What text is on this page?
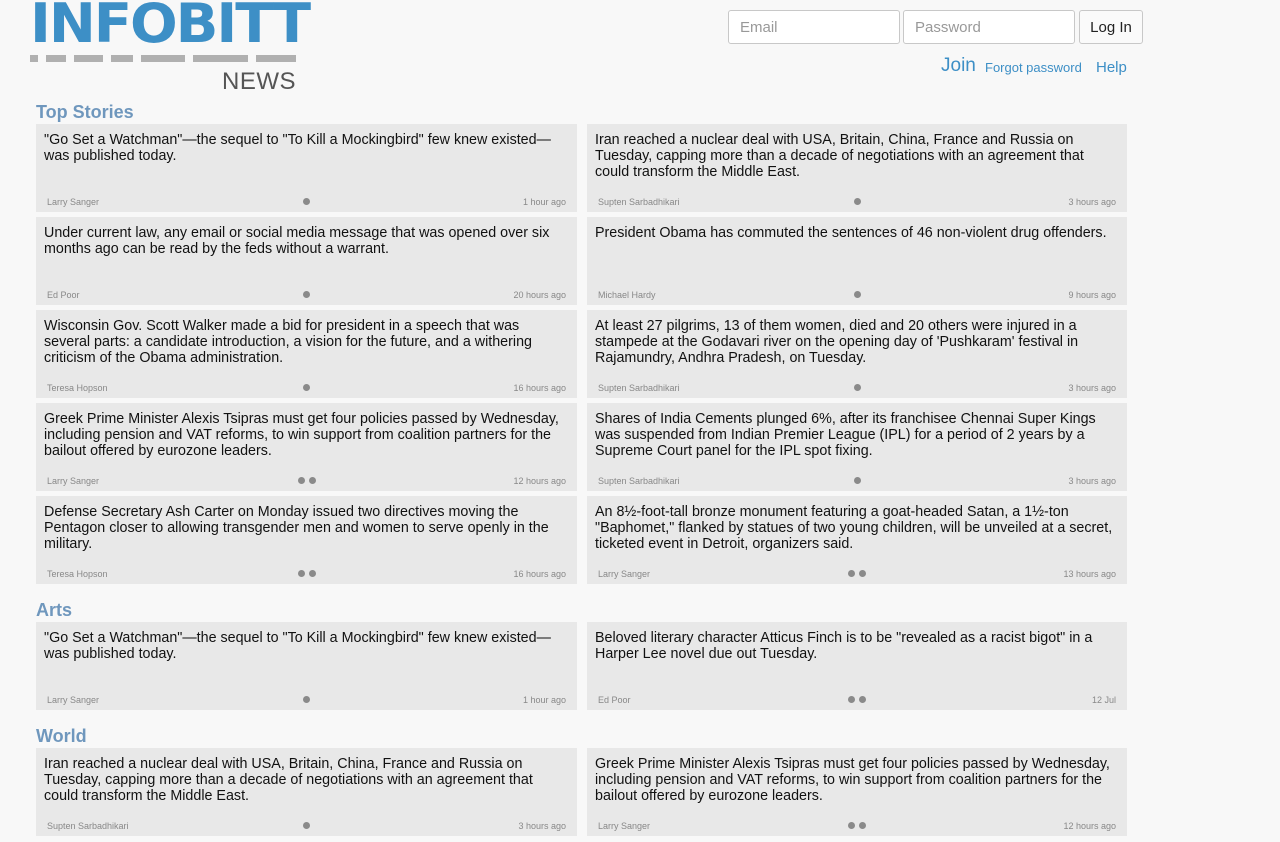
INFOBITT
NEWS
Email
Log In
Join Forgot password Help
Top Stories

"Go Set a Watchman"—the sequel to "To Kill a Mockingbird" few knew existed—was published today.

Larry Sanger	1 hour ago

Iran reached a nuclear deal with USA, Britain, China, France and Russia on Tuesday, capping more than a decade of negotiations with an agreement that could transform the Middle East.

Supten Sarbadhikari	3 hours ago

Under current law, any email or social media message that was opened over six months ago can be read by the feds without a warrant.

Ed Poor	20 hours ago

President Obama has commuted the sentences of 46 non-violent drug offenders.

Michael Hardy	9 hours ago

Wisconsin Gov. Scott Walker made a bid for president in a speech that was several parts: a candidate introduction, a vision for the future, and a withering criticism of the Obama administration.

Teresa Hopson	16 hours ago

At least 27 pilgrims, 13 of them women, died and 20 others were injured in a stampede at the Godavari river on the opening day of 'Pushkaram' festival in Rajamundry, Andhra Pradesh, on Tuesday.

Supten Sarbadhikari	3 hours ago

Greek Prime Minister Alexis Tsipras must get four policies passed by Wednesday, including pension and VAT reforms, to win support from coalition partners for the bailout offered by eurozone leaders.

Larry Sanger	12 hours ago

Shares of India Cements plunged 6%, after its franchisee Chennai Super Kings was suspended from Indian Premier League (IPL) for a period of 2 years by a Supreme Court panel for the IPL spot fixing.

Supten Sarbadhikari	3 hours ago

Defense Secretary Ash Carter on Monday issued two directives moving the Pentagon closer to allowing transgender men and women to serve openly in the military.

Teresa Hopson	16 hours ago

An 8½-foot-tall bronze monument featuring a goat-headed Satan, a 1½-ton "Baphomet," flanked by statues of two young children, will be unveiled at a secret, ticketed event in Detroit, organizers said.

Larry Sanger	13 hours ago
Arts

"Go Set a Watchman"—the sequel to "To Kill a Mockingbird" few knew existed—was published today.

Larry Sanger	1 hour ago

Beloved literary character Atticus Finch is to be "revealed as a racist bigot" in a Harper Lee novel due out Tuesday.

Ed Poor	12 Jul
World

Iran reached a nuclear deal with USA, Britain, China, France and Russia on Tuesday, capping more than a decade of negotiations with an agreement that could transform the Middle East.

Supten Sarbadhikari	3 hours ago

Greek Prime Minister Alexis Tsipras must get four policies passed by Wednesday, including pension and VAT reforms, to win support from coalition partners for the bailout offered by eurozone leaders.

Larry Sanger	12 hours ago
